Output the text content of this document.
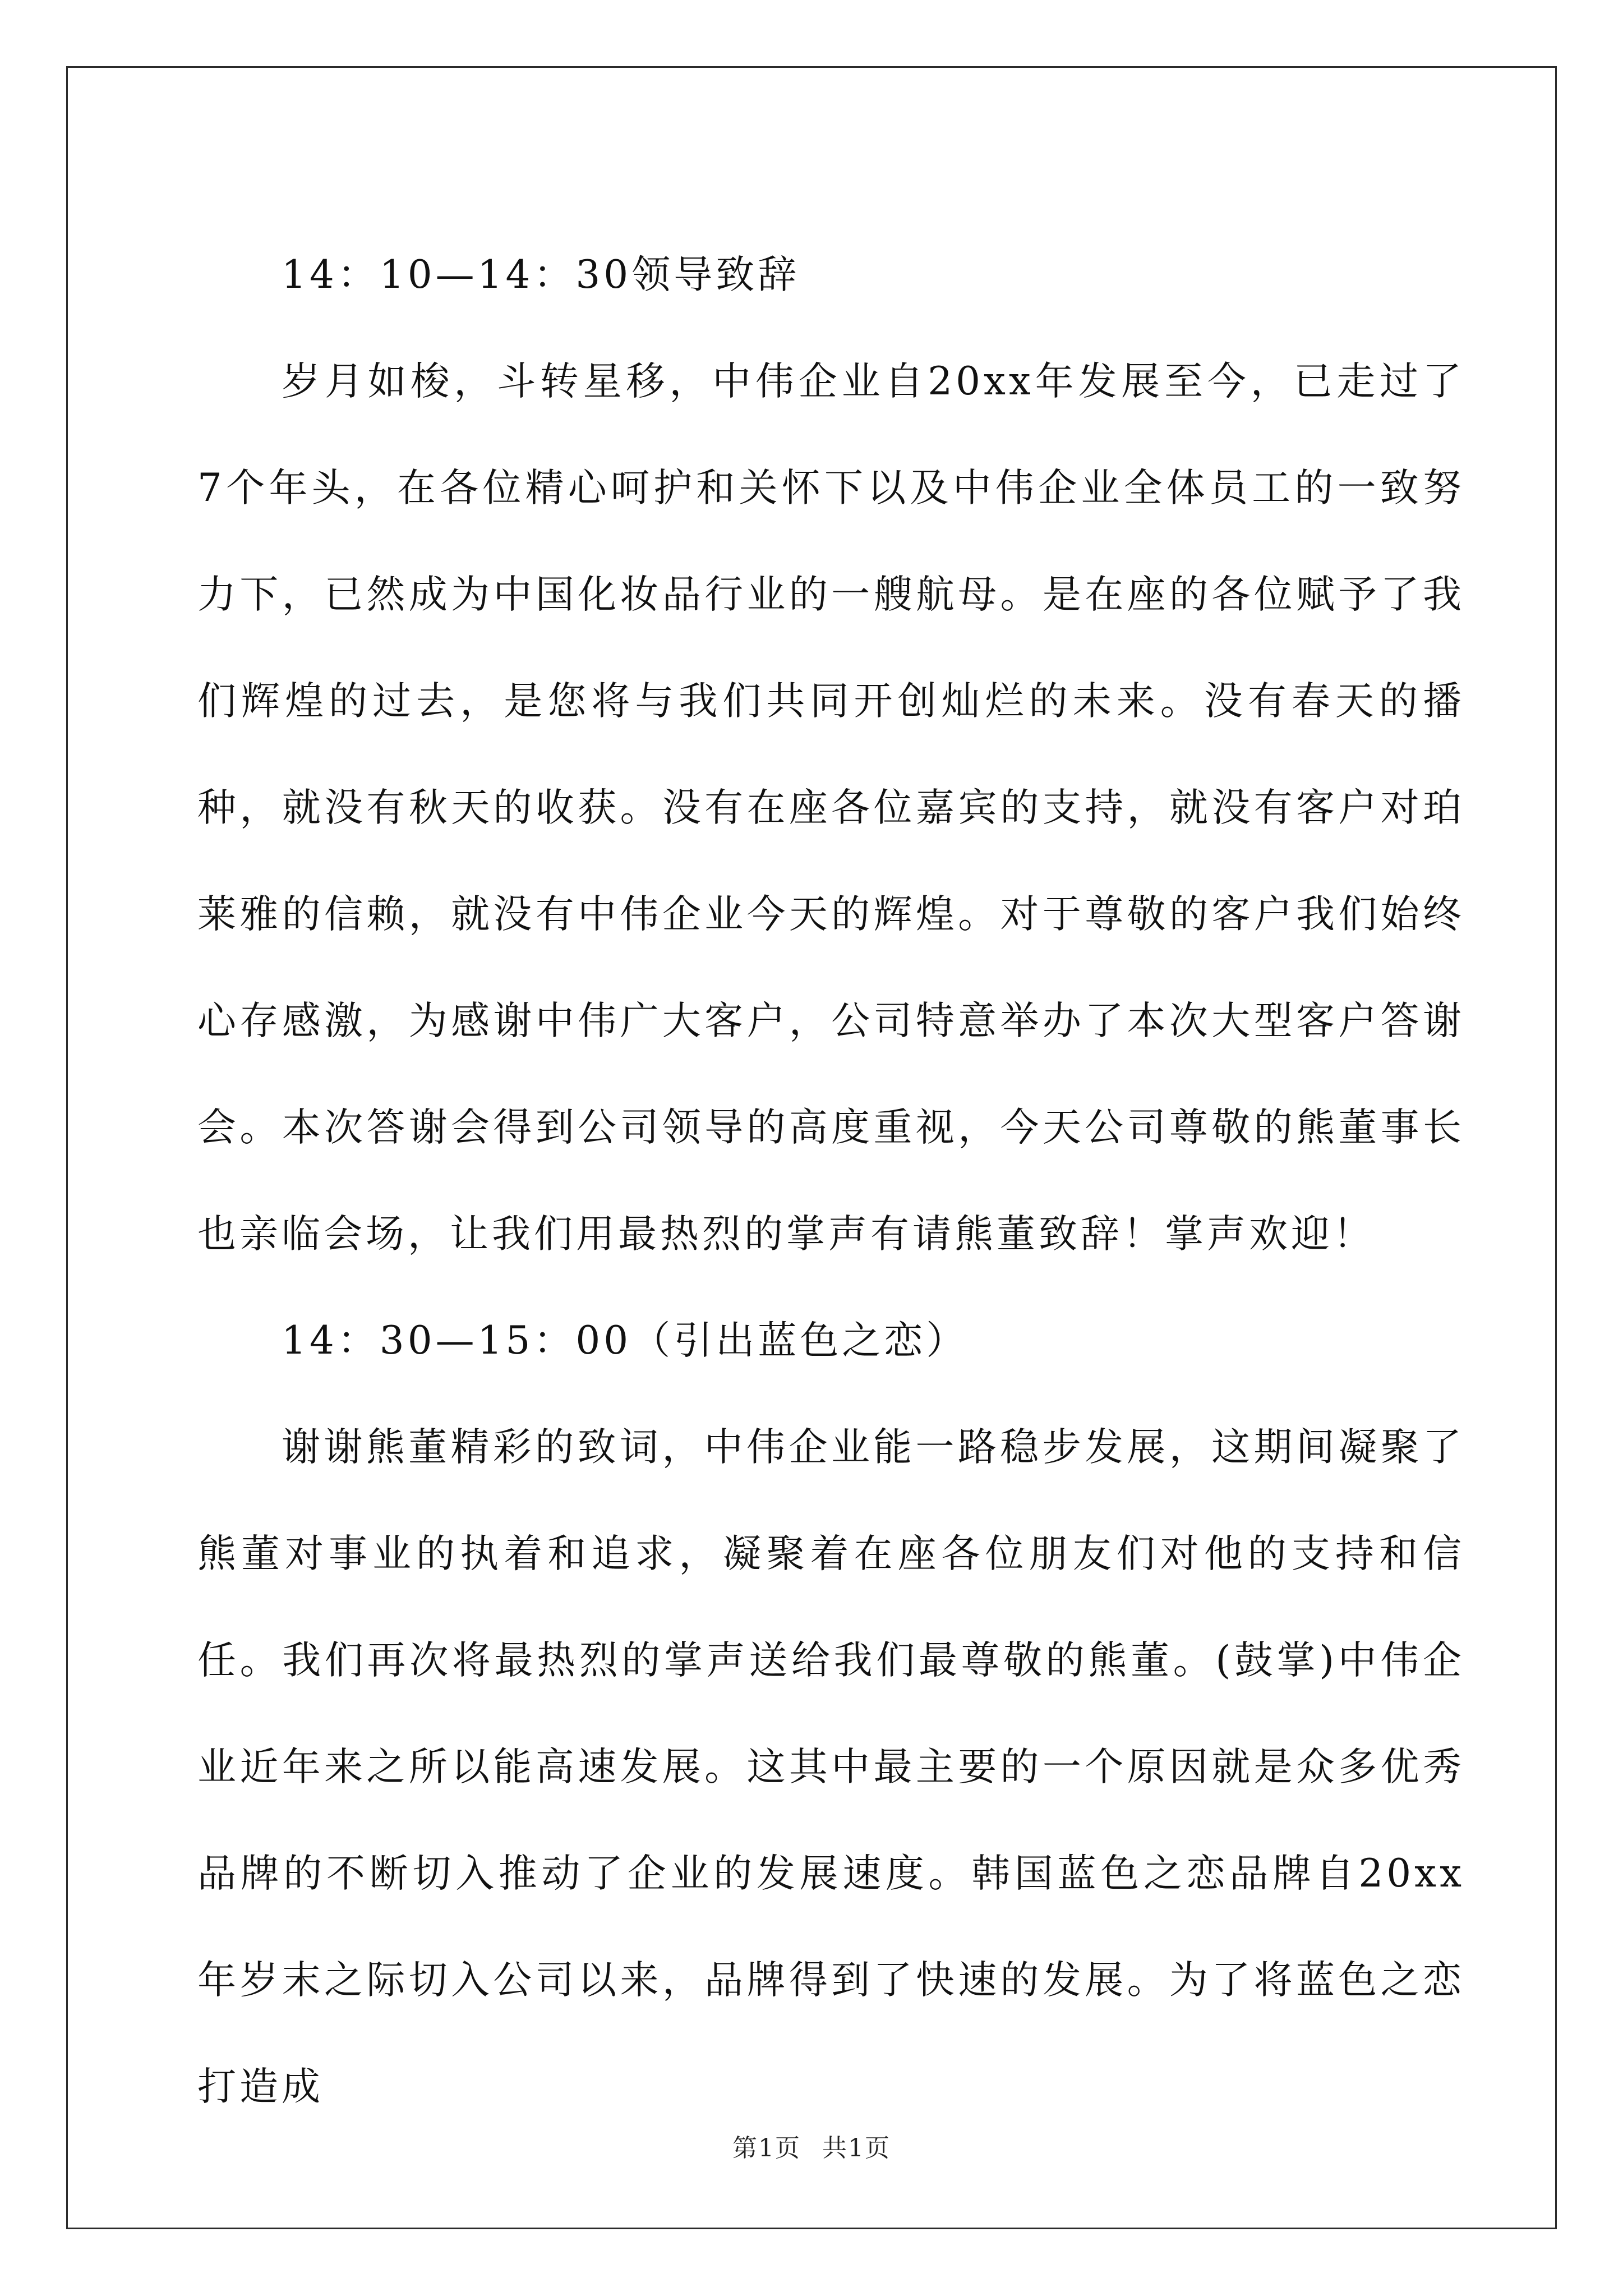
14：10—14：30领导致辞

岁月如梭，斗转星移，中伟企业自20xx年发展至今，已走过了7个年头，在各位精心呵护和关怀下以及中伟企业全体员工的一致努力下，已然成为中国化妆品行业的一艘航母。是在座的各位赋予了我们辉煌的过去，是您将与我们共同开创灿烂的未来。没有春天的播种，就没有秋天的收获。没有在座各位嘉宾的支持，就没有客户对珀莱雅的信赖，就没有中伟企业今天的辉煌。对于尊敬的客户我们始终心存感激，为感谢中伟广大客户，公司特意举办了本次大型客户答谢会。本次答谢会得到公司领导的高度重视，今天公司尊敬的熊董事长也亲临会场，让我们用最热烈的掌声有请熊董致辞！掌声欢迎！

14：30—15：00（引出蓝色之恋）

谢谢熊董精彩的致词，中伟企业能一路稳步发展，这期间凝聚了熊董对事业的执着和追求，凝聚着在座各位朋友们对他的支持和信任。我们再次将最热烈的掌声送给我们最尊敬的熊董。(鼓掌)中伟企业近年来之所以能高速发展。这其中最主要的一个原因就是众多优秀品牌的不断切入推动了企业的发展速度。韩国蓝色之恋品牌自20xx年岁末之际切入公司以来，品牌得到了快速的发展。为了将蓝色之恋打造成

第1页 共1页
